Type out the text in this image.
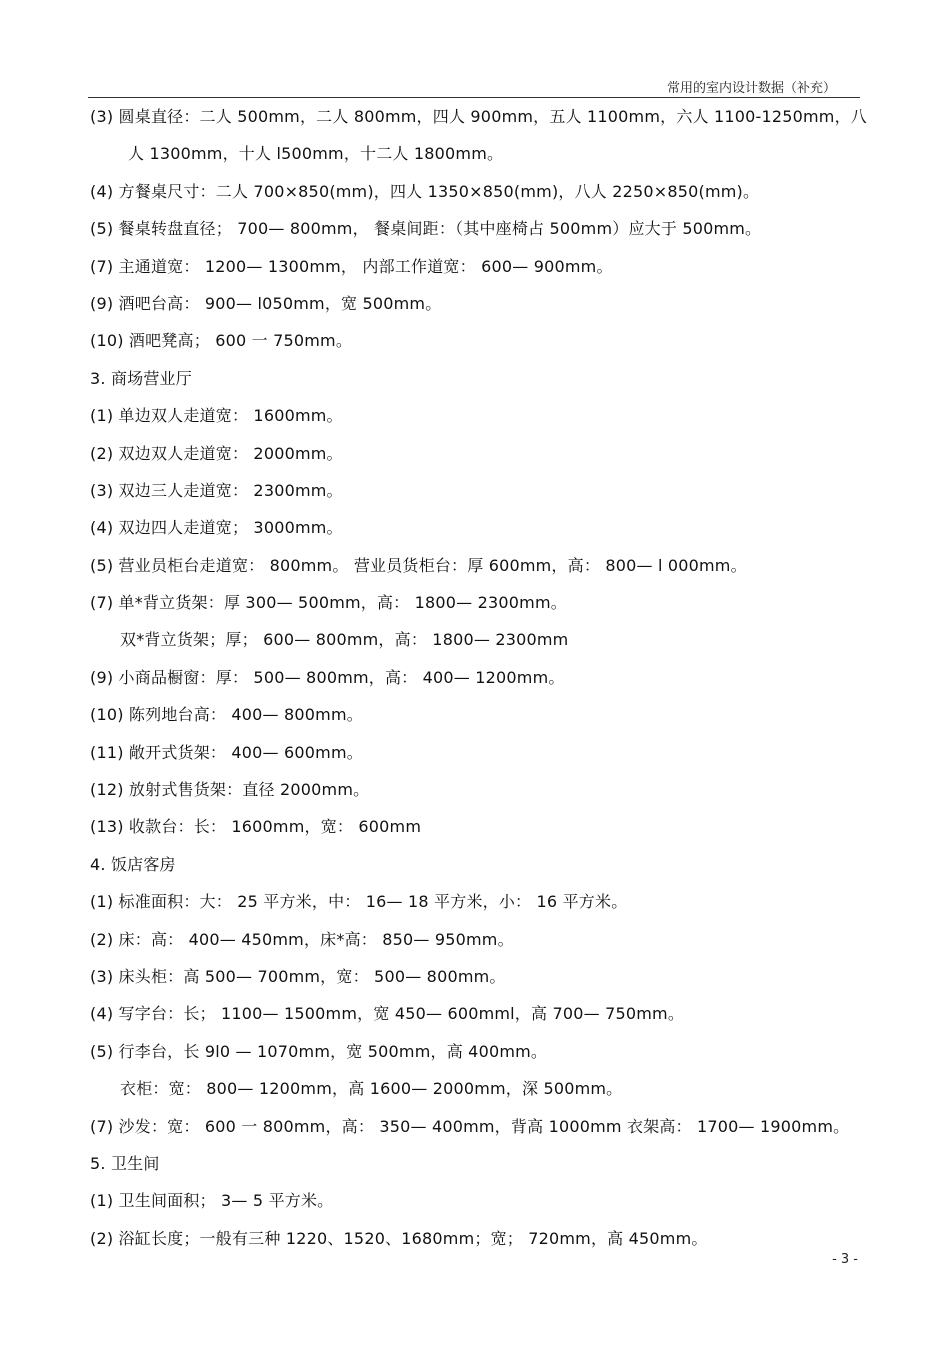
常用的室内设计数据（补充）
(3) 圆桌直径：二人 500mm，二人 800mm，四人 900mm，五人 1100mm，六人 1100-1250mm，八
人 1300mm，十人 l500mm，十二人 1800mm。
(4) 方餐桌尺寸：二人 700×850(mm)，四人 1350×850(mm)，八人 2250×850(mm)。
(5) 餐桌转盘直径； 700— 800mm， 餐桌间距：（其中座椅占 500mm）应大于 500mm。
(7) 主通道宽： 1200— 1300mm， 内部工作道宽： 600— 900mm。
(9) 酒吧台高： 900— l050mm，宽 500mm。
(10) 酒吧凳高； 600 一 750mm。
3. 商场营业厅
(1) 单边双人走道宽： 1600mm。
(2) 双边双人走道宽： 2000mm。
(3) 双边三人走道宽： 2300mm。
(4) 双边四人走道宽； 3000mm。
(5) 营业员柜台走道宽： 800mm。 营业员货柜台：厚 600mm，高： 800— l 000mm。
(7) 单*背立货架：厚 300— 500mm，高： 1800— 2300mm。
双*背立货架；厚； 600— 800mm，高： 1800— 2300mm
(9) 小商品橱窗：厚： 500— 800mm，高： 400— 1200mm。
(10) 陈列地台高： 400— 800mm。
(11) 敞开式货架： 400— 600mm。
(12) 放射式售货架：直径 2000mm。
(13) 收款台：长： 1600mm，宽： 600mm
4. 饭店客房
(1) 标准面积：大： 25 平方米，中： 16— 18 平方米，小： 16 平方米。
(2) 床：高： 400— 450mm，床*高： 850— 950mm。
(3) 床头柜：高 500— 700mm，宽： 500— 800mm。
(4) 写字台：长； 1100— 1500mm，宽 450— 600mml，高 700— 750mm。
(5) 行李台，长 9l0 — 1070mm，宽 500mm，高 400mm。
衣柜：宽： 800— 1200mm，高 1600— 2000mm，深 500mm。
(7) 沙发：宽： 600 一 800mm，高： 350— 400mm，背高 1000mm 衣架高： 1700— 1900mm。
5. 卫生间
(1) 卫生间面积； 3— 5 平方米。
(2) 浴缸长度；一般有三种 1220、1520、1680mm；宽； 720mm，高 450mm。
- 3 -
